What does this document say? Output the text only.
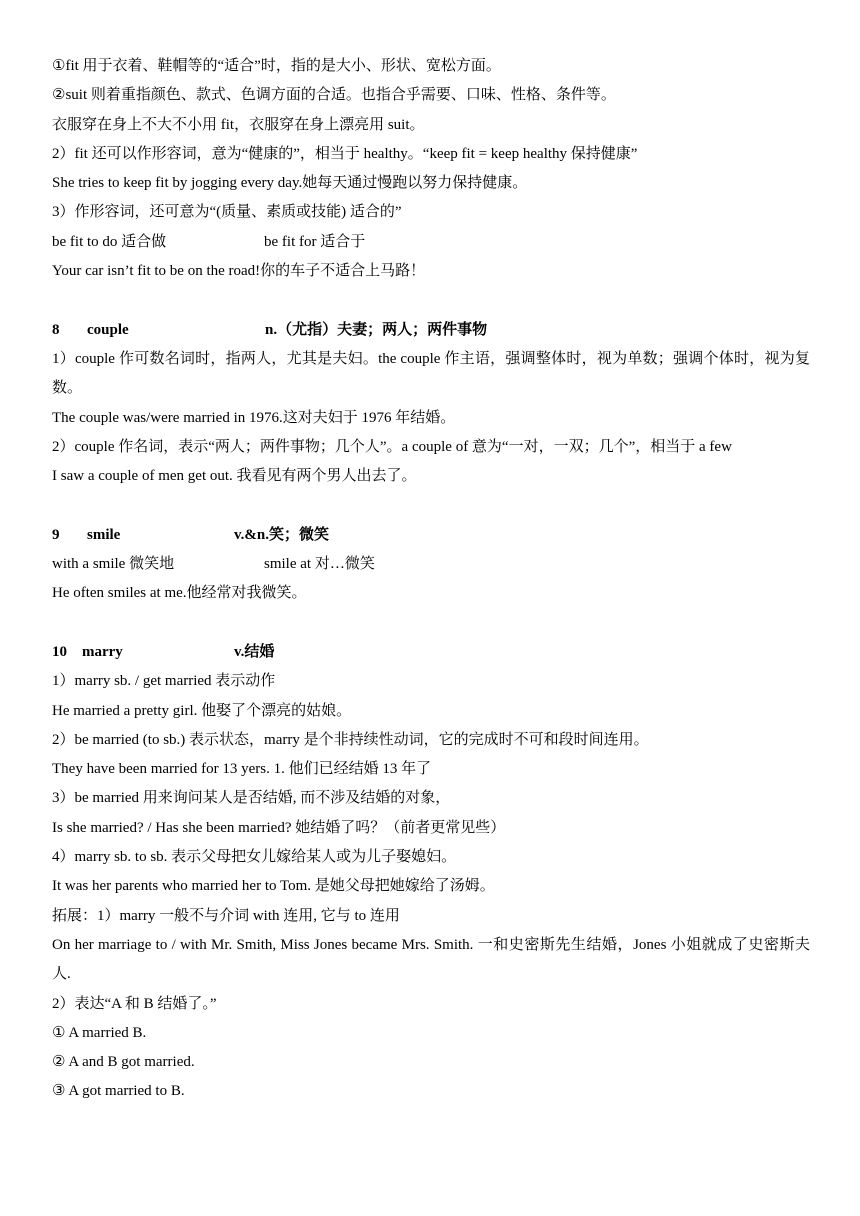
①fit 用于衣着、鞋帽等的“适合”时，指的是大小、形状、宽松方面。
②suit 则着重指颜色、款式、色调方面的合适。也指合乎需要、口味、性格、条件等。
衣服穿在身上不大不小用 fit，衣服穿在身上漂亮用 suit。
2）fit 还可以作形容词，意为“健康的”，相当于 healthy。“keep fit = keep healthy 保持健康”
She tries to keep fit by jogging every day.她每天通过慢跑以努力保持健康。
3）作形容词，还可意为“(质量、素质或技能) 适合的”
be fit to do 适合做	be fit for 适合于
Your car isn’t fit to be on the road!你的车子不适合上马路！
8	couple	n.（尤指）夫妻；两人；两件事物
1）couple 作可数名词时，指两人，尤其是夫妇。the couple 作主语，强调整体时，视为单数；强调个体时，视为复数。
The couple was/were married in 1976.这对夫妇于 1976 年结婚。
2）couple 作名词，表示“两人；两件事物；几个人”。a couple of 意为“一对，一双；几个”，相当于 a few
I saw a couple of men get out. 我看见有两个男人出去了。
9	smile	v.&n.笑；微笑
with a smile 微笑地	smile at 对…微笑
He often smiles at me.他经常对我微笑。
10	marry	v.结婚
1）marry sb. / get married 表示动作
He married a pretty girl. 他娶了个漂亮的姑娘。
2）be married (to sb.) 表示状态，marry 是个非持续性动词，它的完成时不可和段时间连用。
They have been married for 13 yers. 1. 他们已经结婚 13 年了
3）be married 用来询问某人是否结婚, 而不涉及结婚的对象，
Is she married? / Has she been married? 她结婚了吗？（前者更常见些）
4）marry sb. to sb. 表示父母把女儿嫁给某人或为儿子娶媳妇。
It was her parents who married her to Tom. 是她父母把她嫁给了汤姆。
拓展：1）marry 一般不与介词 with 连用, 它与 to 连用
On her marriage to / with Mr. Smith, Miss Jones became Mrs. Smith. 一和史密斯先生结婚，Jones 小姐就成了史密斯夫人.
2）表达“A 和 B 结婚了。”
① A married B.
② A and B got married.
③ A got married to B.
